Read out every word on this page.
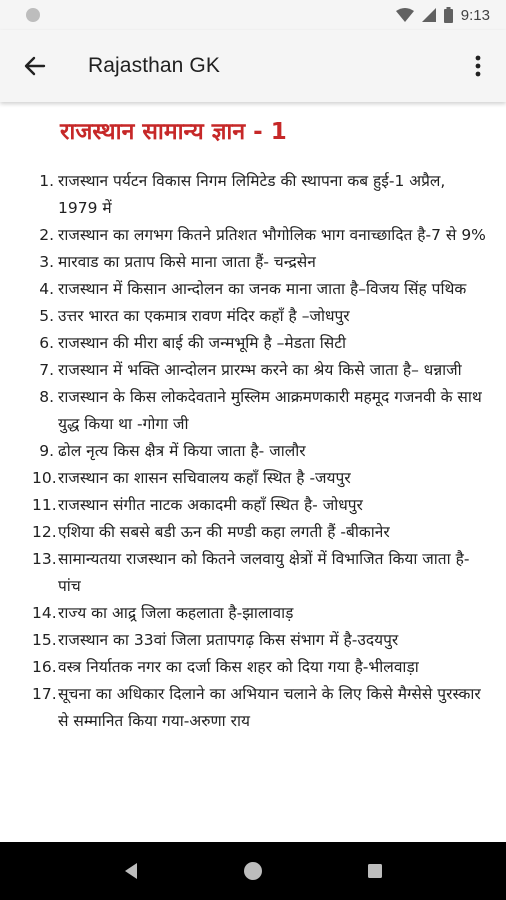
9:13
Rajasthan GK
राजस्थान सामान्य ज्ञान - 1
1. राजस्थान पर्यटन विकास निगम लिमिटेड की स्थापना कब हुई-1 अप्रैल, 1979 में
2. राजस्थान का लगभग कितने प्रतिशत भौगोलिक भाग वनाच्छादित है-7 से 9%
3. मारवाड का प्रताप किसे माना जाता हैं- चन्द्रसेन
4. राजस्थान में किसान आन्दोलन का जनक माना जाता है–विजय सिंह पथिक
5. उत्तर भारत का एकमात्र रावण मंदिर कहाँ है –जोधपुर
6. राजस्थान की मीरा बाई की जन्मभूमि है –मेडता सिटी
7. राजस्थान में भक्ति आन्दोलन प्रारम्भ करने का श्रेय किसे जाता है– धन्नाजी
8. राजस्थान के किस लोकदेवताने मुस्लिम आक्रमणकारी महमूद गजनवी के साथ युद्ध किया था -गोगा जी
9. ढोल नृत्य किस क्षैत्र में किया जाता है- जालौर
10. राजस्थान का शासन सचिवालय कहाँ स्थित है -जयपुर
11. राजस्थान संगीत नाटक अकादमी कहाँ स्थित है- जोधपुर
12. एशिया की सबसे बडी ऊन की मण्डी कहा लगती हैं -बीकानेर
13. सामान्यतया राजस्थान को कितने जलवायु क्षेत्रों में विभाजित किया जाता है-पांच
14. राज्य का आद्र्र जिला कहलाता है-झालावाड़
15. राजस्थान का 33वां जिला प्रतापगढ़ किस संभाग में है-उदयपुर
16. वस्त्र निर्यातक नगर का दर्जा किस शहर को दिया गया है-भीलवाड़ा
17. सूचना का अधिकार दिलाने का अभियान चलाने के लिए किसे मैग्सेसे पुरस्कार से सम्मानित किया गया-अरुणा राय
